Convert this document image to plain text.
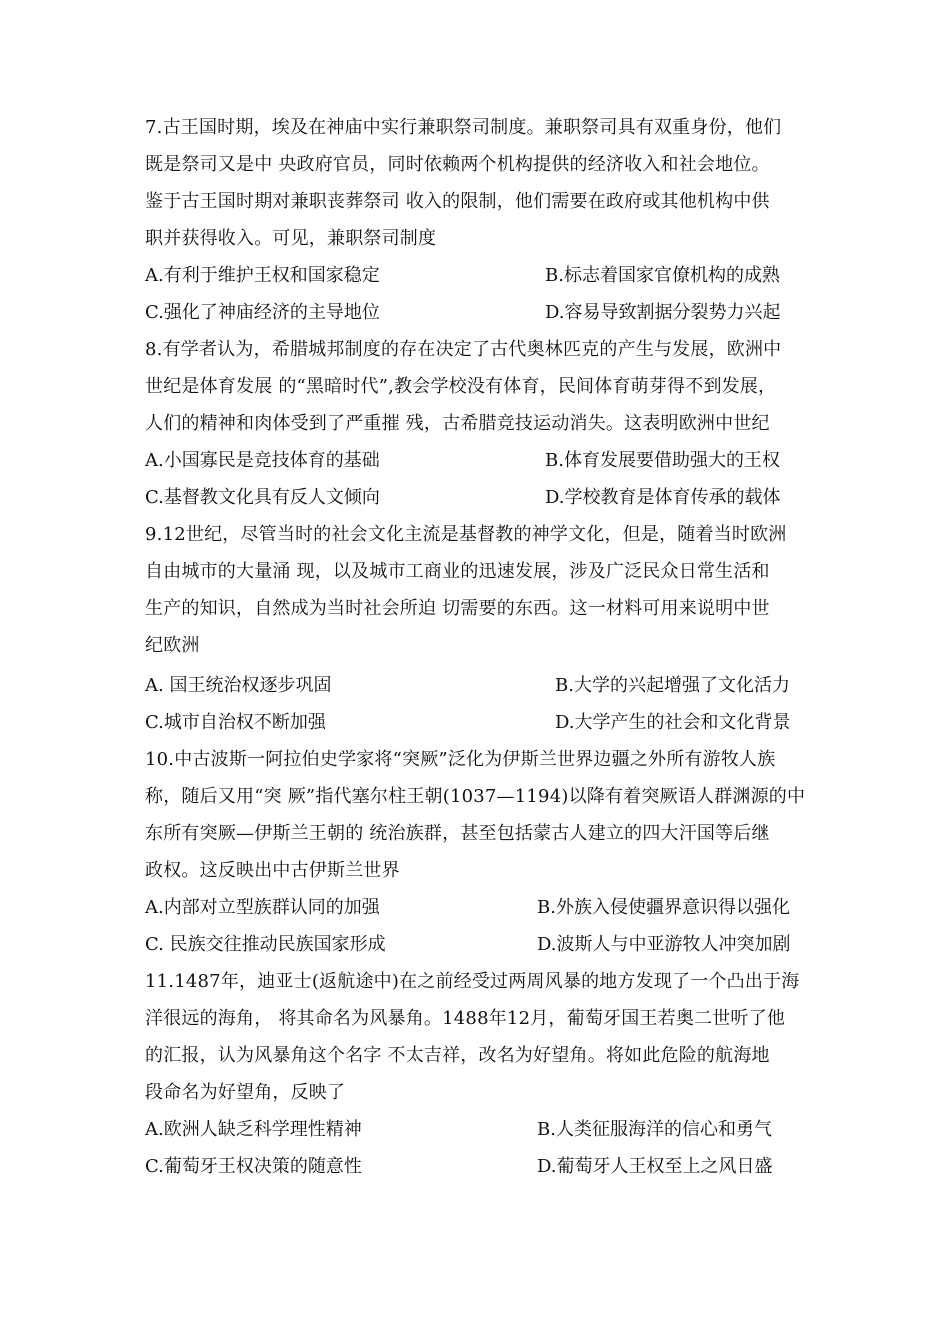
7.古王国时期，埃及在神庙中实行兼职祭司制度。兼职祭司具有双重身份，他们
既是祭司又是中 央政府官员，同时依赖两个机构提供的经济收入和社会地位。
鉴于古王国时期对兼职丧葬祭司 收入的限制，他们需要在政府或其他机构中供
职并获得收入。可见，兼职祭司制度
A.有利于维护王权和国家稳定	B.标志着国家官僚机构的成熟
C.强化了神庙经济的主导地位	D.容易导致割据分裂势力兴起
8.有学者认为，希腊城邦制度的存在决定了古代奥林匹克的产生与发展，欧洲中
世纪是体育发展 的“黑暗时代”,教会学校没有体育，民间体育萌芽得不到发展，
人们的精神和肉体受到了严重摧 残，古希腊竞技运动消失。这表明欧洲中世纪
A.小国寡民是竞技体育的基础	B.体育发展要借助强大的王权
C.基督教文化具有反人文倾向	D.学校教育是体育传承的载体
9.12世纪，尽管当时的社会文化主流是基督教的神学文化，但是，随着当时欧洲
自由城市的大量涌 现，以及城市工商业的迅速发展，涉及广泛民众日常生活和
生产的知识，自然成为当时社会所迫 切需要的东西。这一材料可用来说明中世
纪欧洲
A. 国王统治权逐步巩固	B.大学的兴起增强了文化活力
C.城市自治权不断加强	D.大学产生的社会和文化背景
10.中古波斯一阿拉伯史学家将“突厥”泛化为伊斯兰世界边疆之外所有游牧人族
称，随后又用“突 厥”指代塞尔柱王朝(1037—1194)以降有着突厥语人群渊源的中
东所有突厥—伊斯兰王朝的 统治族群，甚至包括蒙古人建立的四大汗国等后继
政权。这反映出中古伊斯兰世界
A.内部对立型族群认同的加强	B.外族入侵使疆界意识得以强化
C. 民族交往推动民族国家形成	D.波斯人与中亚游牧人冲突加剧
11.1487年，迪亚士(返航途中)在之前经受过两周风暴的地方发现了一个凸出于海
洋很远的海角， 将其命名为风暴角。1488年12月，葡萄牙国王若奥二世听了他
的汇报，认为风暴角这个名字 不太吉祥，改名为好望角。将如此危险的航海地
段命名为好望角，反映了
A.欧洲人缺乏科学理性精神	B.人类征服海洋的信心和勇气
C.葡萄牙王权决策的随意性	D.葡萄牙人王权至上之风日盛
